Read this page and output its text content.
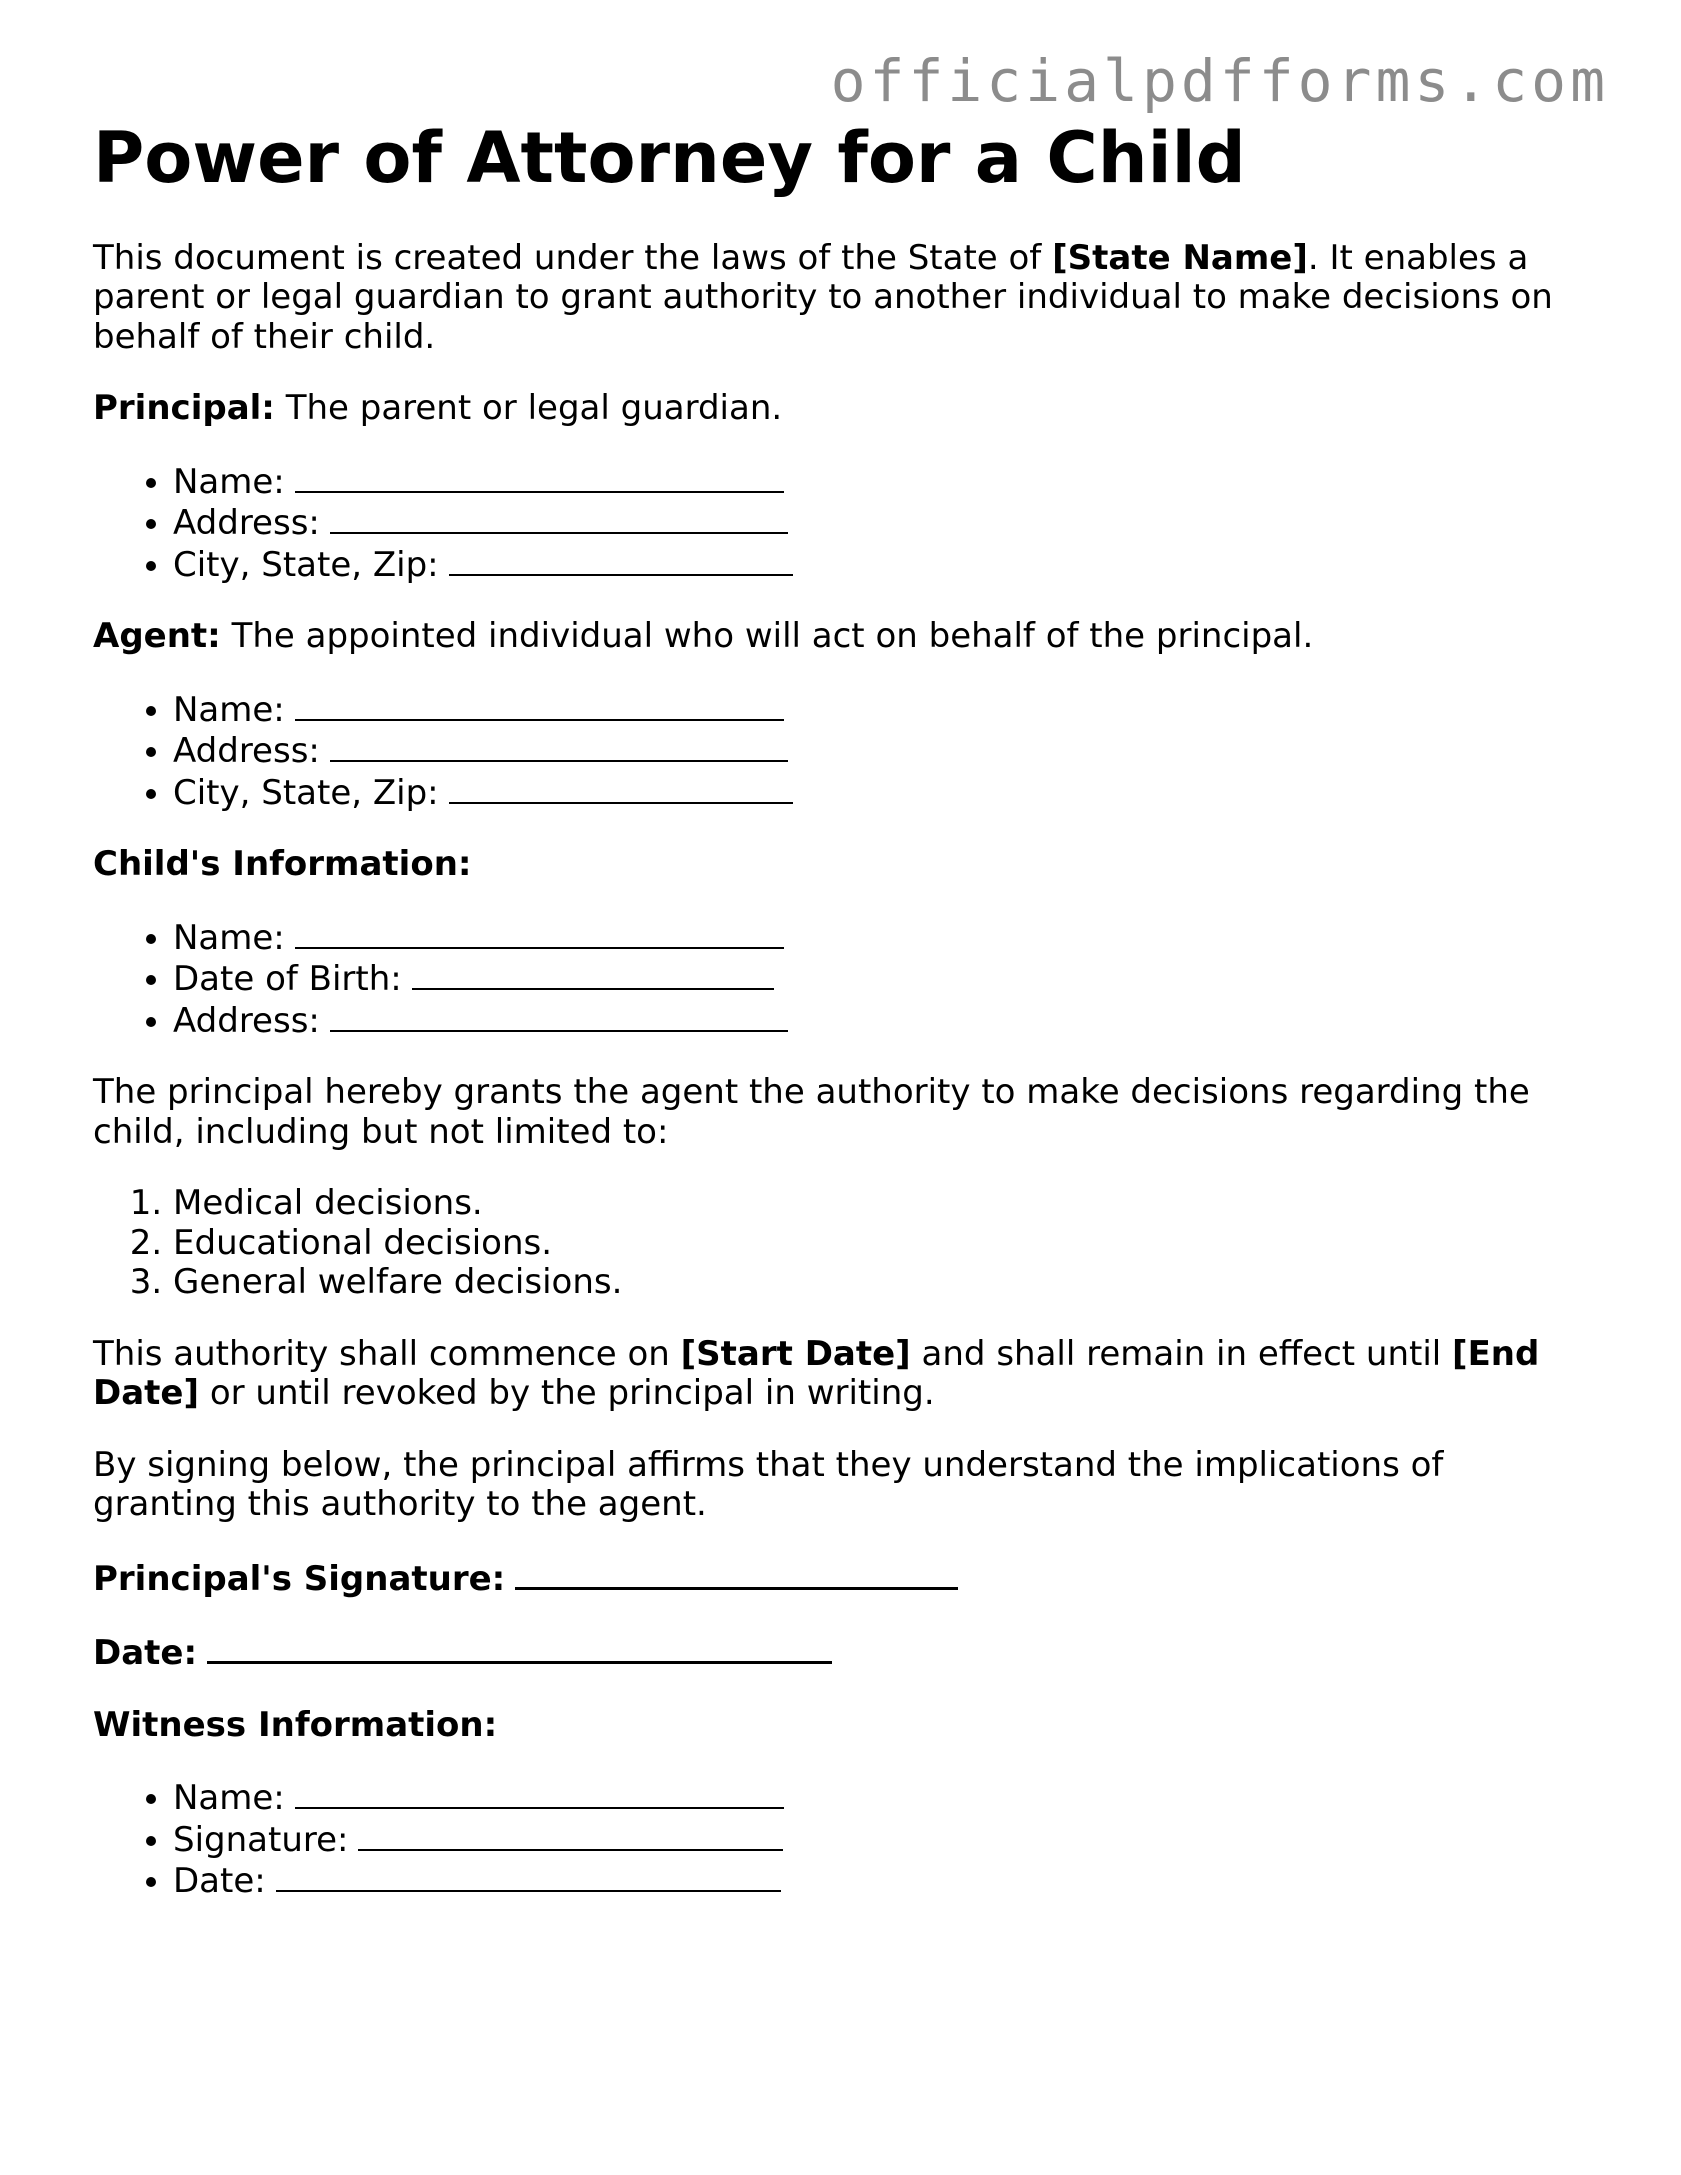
officialpdfforms.com
Power of Attorney for a Child

This document is created under the laws of the State of [State Name]. It enables a parent or legal guardian to grant authority to another individual to make decisions on behalf of their child.

Principal: The parent or legal guardian.

• Name:
• Address:
• City, State, Zip:

Agent: The appointed individual who will act on behalf of the principal.

• Name:
• Address:
• City, State, Zip:

Child's Information:

• Name:
• Date of Birth:
• Address:

The principal hereby grants the agent the authority to make decisions regarding the child, including but not limited to:

1. Medical decisions.
2. Educational decisions.
3. General welfare decisions.

This authority shall commence on [Start Date] and shall remain in effect until [End Date] or until revoked by the principal in writing.

By signing below, the principal affirms that they understand the implications of granting this authority to the agent.

Principal's Signature:

Date:

Witness Information:

• Name:
• Signature:
• Date:
